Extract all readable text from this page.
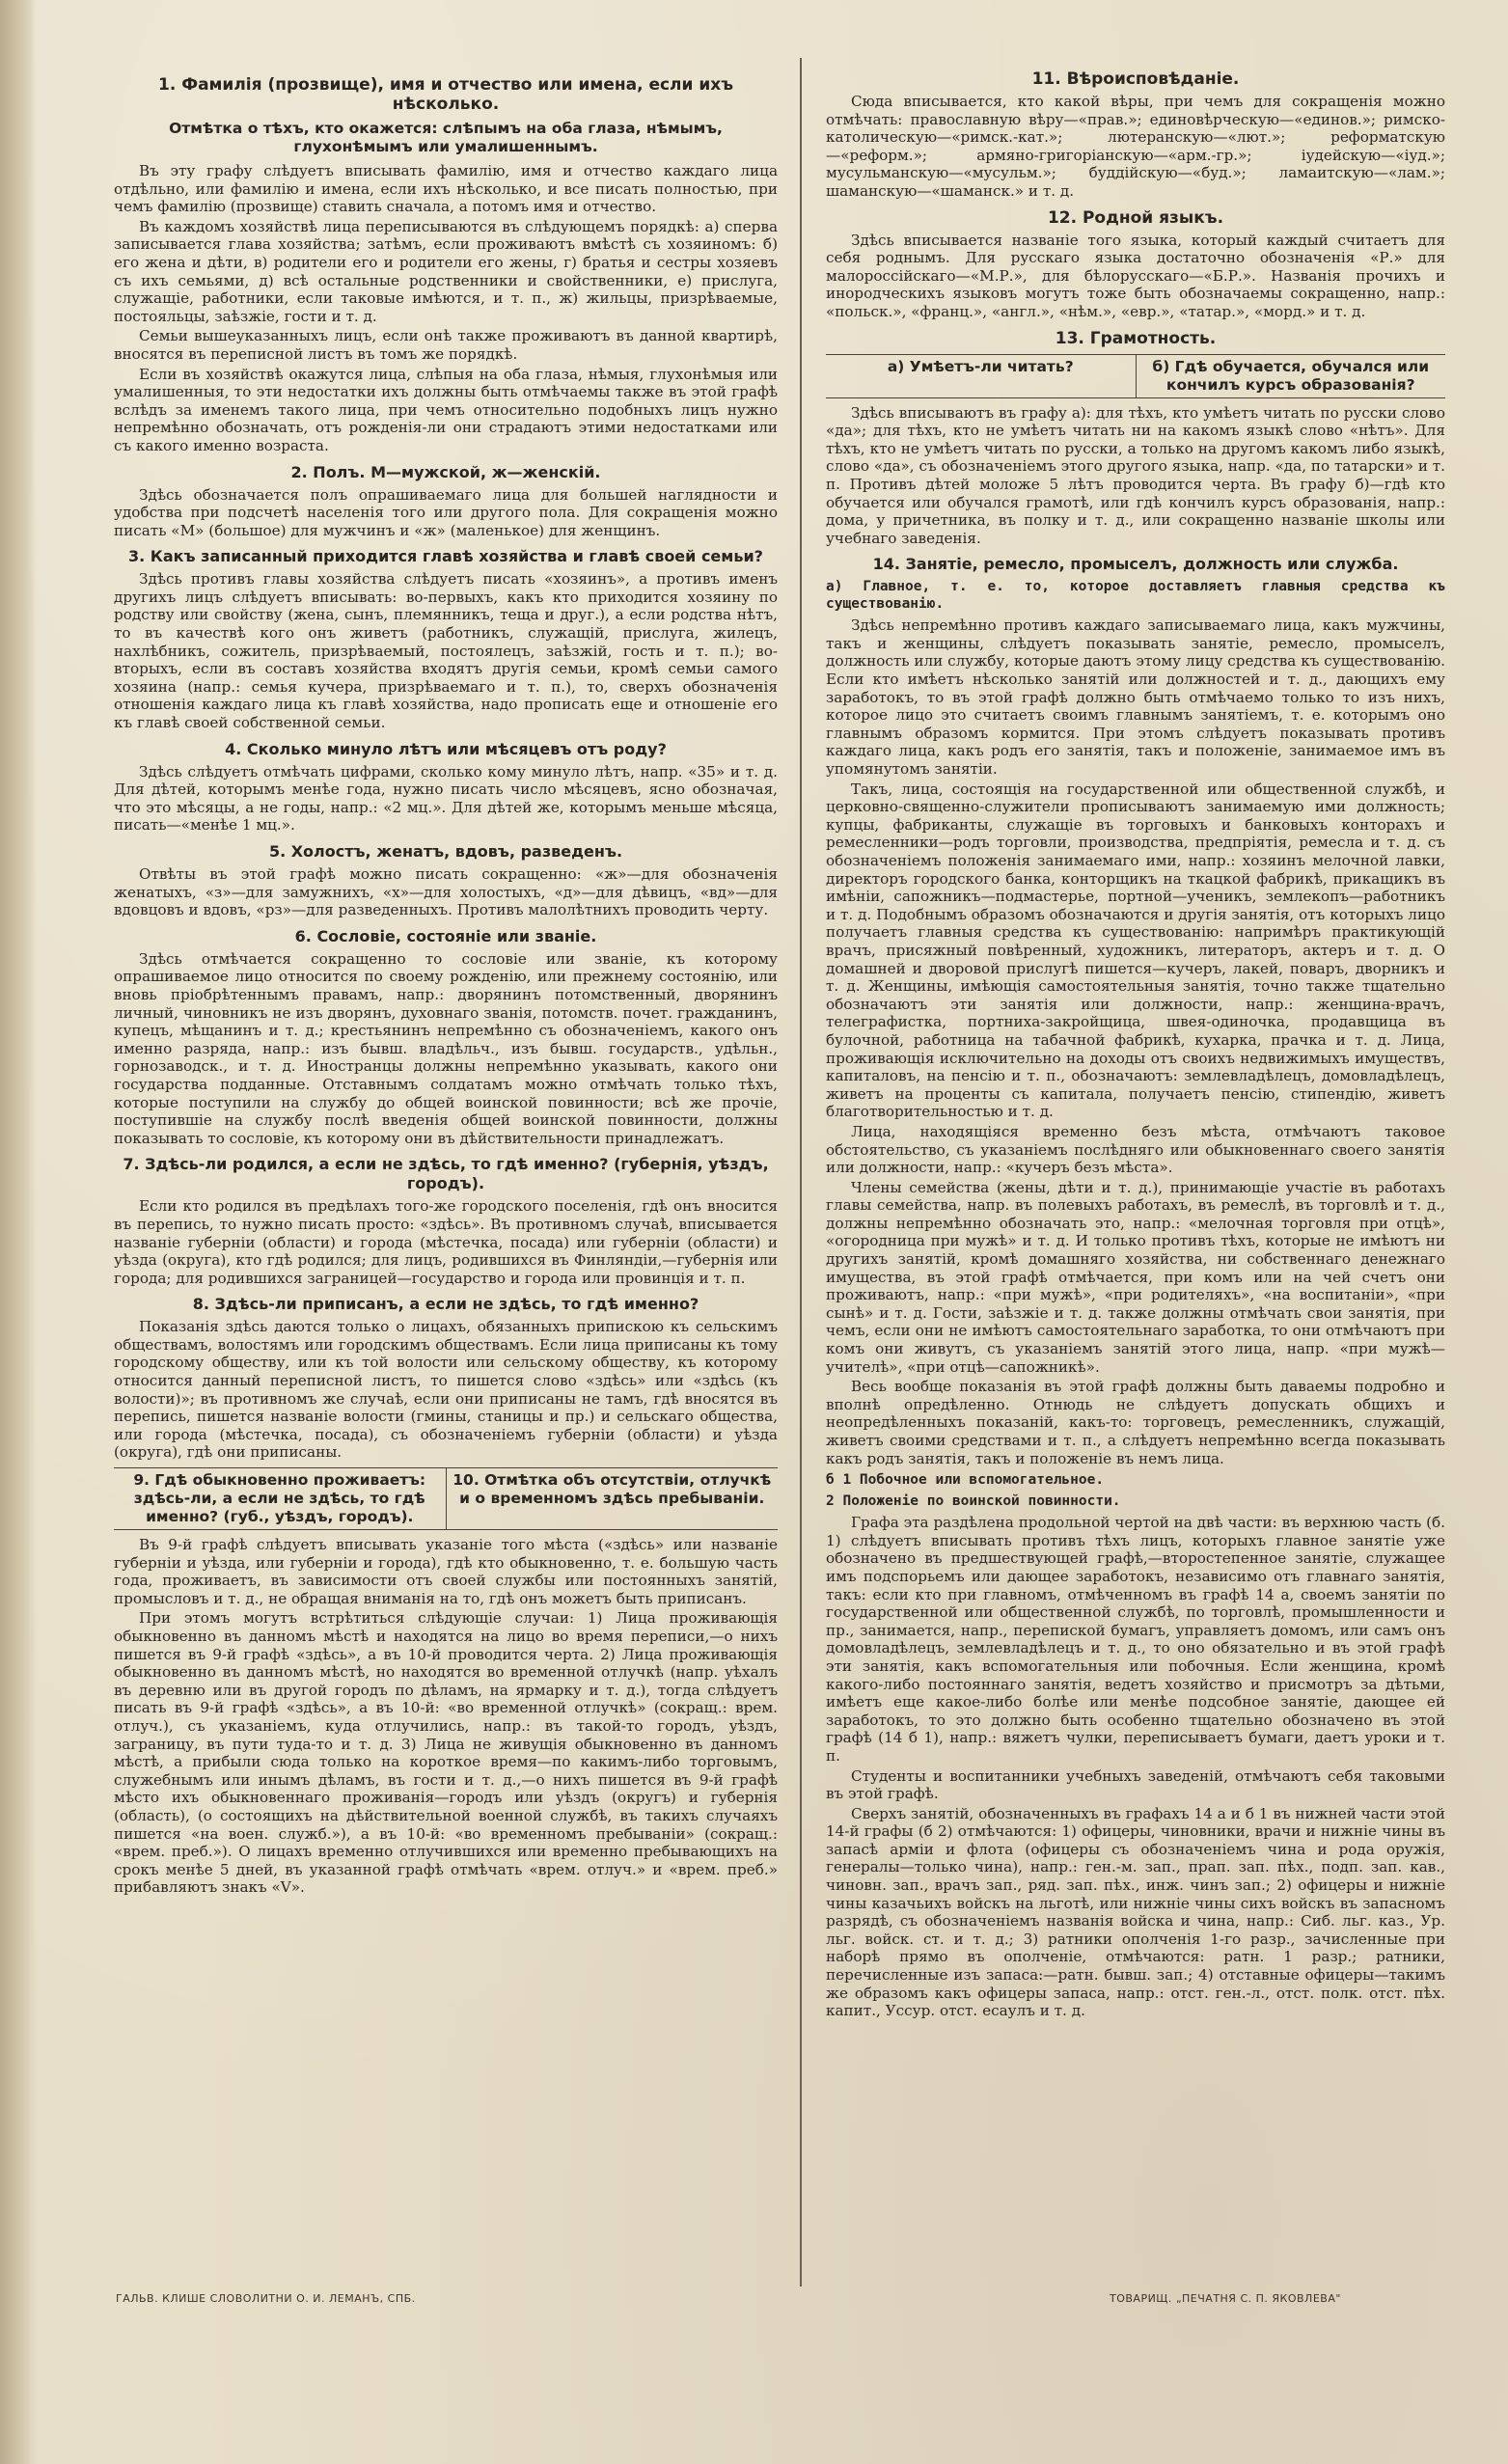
1. Фамилія (прозвище), имя и отчество или имена, если ихъ нѣсколько.
Отмѣтка о тѣхъ, кто окажется: слѣпымъ на оба глаза, нѣмымъ, глухонѣмымъ или умалишеннымъ.

Въ эту графу слѣдуетъ вписывать фамилію, имя и отчество каждаго лица отдѣльно, или фамилію и имена, если ихъ нѣсколько, и все писать полностью, при чемъ фамилію (прозвище) ставить сначала, а потомъ имя и отчество.

Въ каждомъ хозяйствѣ лица переписываются въ слѣдующемъ порядкѣ: а) сперва записывается глава хозяйства; затѣмъ, если проживаютъ вмѣстѣ съ хозяиномъ: б) его жена и дѣти, в) родители его и родители его жены, г) братья и сестры хозяевъ съ ихъ семьями, д) всѣ остальные родственники и свойственники, е) прислуга, служащіе, работники, если таковые имѣются, и т. п., ж) жильцы, призрѣваемые, постояльцы, заѣзжіе, гости и т. д.

Семьи вышеуказанныхъ лицъ, если онѣ также проживаютъ въ данной квартирѣ, вносятся въ переписной листъ въ томъ же порядкѣ.

Если въ хозяйствѣ окажутся лица, слѣпыя на оба глаза, нѣмыя, глухонѣмыя или умалишенныя, то эти недостатки ихъ должны быть отмѣчаемы также въ этой графѣ вслѣдъ за именемъ такого лица, при чемъ относительно подобныхъ лицъ нужно непремѣнно обозначать, отъ рожденія-ли они страдаютъ этими недостатками или съ какого именно возраста.

2. Полъ. М—мужской, ж—женскій.

Здѣсь обозначается полъ опрашиваемаго лица для большей наглядности и удобства при подсчетѣ населенія того или другого пола. Для сокращенія можно писать «М» (большое) для мужчинъ и «ж» (маленькое) для женщинъ.

3. Какъ записанный приходится главѣ хозяйства и главѣ своей семьи?

Здѣсь противъ главы хозяйства слѣдуетъ писать «хозяинъ», а противъ именъ другихъ лицъ слѣдуетъ вписывать: во-первыхъ, какъ кто приходится хозяину по родству или свойству (жена, сынъ, племянникъ, теща и друг.), а если родства нѣтъ, то въ качествѣ кого онъ живетъ (работникъ, служащій, прислуга, жилецъ, нахлѣбникъ, сожитель, призрѣваемый, постоялецъ, заѣзжій, гость и т. п.); во-вторыхъ, если въ составъ хозяйства входятъ другія семьи, кромѣ семьи самого хозяина (напр.: семья кучера, призрѣваемаго и т. п.), то, сверхъ обозначенія отношенія каждаго лица къ главѣ хозяйства, надо прописать еще и отношеніе его къ главѣ своей собственной семьи.

4. Сколько минуло лѣтъ или мѣсяцевъ отъ роду?

Здѣсь слѣдуетъ отмѣчать цифрами, сколько кому минуло лѣтъ, напр. «35» и т. д. Для дѣтей, которымъ менѣе года, нужно писать число мѣсяцевъ, ясно обозначая, что это мѣсяцы, а не годы, напр.: «2 мц.». Для дѣтей же, которымъ меньше мѣсяца, писать—«менѣе 1 мц.».

5. Холостъ, женатъ, вдовъ, разведенъ.

Отвѣты въ этой графѣ можно писать сокращенно: «ж»—для обозначенія женатыхъ, «з»—для замужнихъ, «х»—для холостыхъ, «д»—для дѣвицъ, «вд»—для вдовцовъ и вдовъ, «рз»—для разведенныхъ. Противъ малолѣтнихъ проводить черту.

6. Сословіе, состояніе или званіе.

Здѣсь отмѣчается сокращенно то сословіе или званіе, къ которому опрашиваемое лицо относится по своему рожденію, или прежнему состоянію, или вновь пріобрѣтеннымъ правамъ, напр.: дворянинъ потомственный, дворянинъ личный, чиновникъ не изъ дворянъ, духовнаго званія, потомств. почет. гражданинъ, купецъ, мѣщанинъ и т. д.; крестьянинъ непремѣнно съ обозначеніемъ, какого онъ именно разряда, напр.: изъ бывш. владѣльч., изъ бывш. государств., удѣльн., горнозаводск., и т. д. Иностранцы должны непремѣнно указывать, какого они государства подданные. Отставнымъ солдатамъ можно отмѣчать только тѣхъ, которые поступили на службу до общей воинской повинности; всѣ же прочіе, поступившіе на службу послѣ введенія общей воинской повинности, должны показывать то сословіе, къ которому они въ дѣйствительности принадлежатъ.

7. Здѣсь-ли родился, а если не здѣсь, то гдѣ именно? (губернія, уѣздъ, городъ).

Если кто родился въ предѣлахъ того-же городского поселенія, гдѣ онъ вносится въ перепись, то нужно писать просто: «здѣсь». Въ противномъ случаѣ, вписывается названіе губерніи (области) и города (мѣстечка, посада) или губерніи (области) и уѣзда (округа), кто гдѣ родился; для лицъ, родившихся въ Финляндіи,—губернія или города; для родившихся заграницей—государство и города или провинція и т. п.

8. Здѣсь-ли приписанъ, а если не здѣсь, то гдѣ именно?

Показанія здѣсь даются только о лицахъ, обязанныхъ припискою къ сельскимъ обществамъ, волостямъ или городскимъ обществамъ. Если лица приписаны къ тому городскому обществу, или къ той волости или сельскому обществу, къ которому относится данный переписной листъ, то пишется слово «здѣсь» или «здѣсь (къ волости)»; въ противномъ же случаѣ, если они приписаны не тамъ, гдѣ вносятся въ перепись, пишется названіе волости (гмины, станицы и пр.) и сельскаго общества, или города (мѣстечка, посада), съ обозначеніемъ губерніи (области) и уѣзда (округа), гдѣ они приписаны.

9. Гдѣ обыкновенно проживаетъ: здѣсь-ли, а если не здѣсь, то гдѣ именно? (губ., уѣздъ, городъ).
10. Отмѣтка объ отсутствіи, отлучкѣ и о временномъ здѣсь пребываніи.

Въ 9-й графѣ слѣдуетъ вписывать указаніе того мѣста («здѣсь» или названіе губерніи и уѣзда, или губерніи и города), гдѣ кто обыкновенно, т. е. большую часть года, проживаетъ, въ зависимости отъ своей службы или постоянныхъ занятій, промысловъ и т. д., не обращая вниманія на то, гдѣ онъ можетъ быть приписанъ.

При этомъ могутъ встрѣтиться слѣдующіе случаи: 1) Лица проживающія обыкновенно въ данномъ мѣстѣ и находятся на лицо во время переписи,—о нихъ пишется въ 9-й графѣ «здѣсь», а въ 10-й проводится черта. 2) Лица проживающія обыкновенно въ данномъ мѣстѣ, но находятся во временной отлучкѣ (напр. уѣхалъ въ деревню или въ другой городъ по дѣламъ, на ярмарку и т. д.), тогда слѣдуетъ писать въ 9-й графѣ «здѣсь», а въ 10-й: «во временной отлучкѣ» (сокращ.: врем. отлуч.), съ указаніемъ, куда отлучились, напр.: въ такой-то городъ, уѣздъ, заграницу, въ пути туда-то и т. д. 3) Лица не живущія обыкновенно въ данномъ мѣстѣ, а прибыли сюда только на короткое время—по какимъ-либо торговымъ, служебнымъ или инымъ дѣламъ, въ гости и т. д.,—о нихъ пишется въ 9-й графѣ мѣсто ихъ обыкновеннаго проживанія—городъ или уѣздъ (округъ) и губернія (область), (о состоящихъ на дѣйствительной военной службѣ, въ такихъ случаяхъ пишется «на воен. служб.»), а въ 10-й: «во временномъ пребываніи» (сокращ.: «врем. преб.»). О лицахъ временно отлучившихся или временно пребывающихъ на срокъ менѣе 5 дней, въ указанной графѣ отмѣчать «врем. отлуч.» и «врем. преб.» прибавляютъ знакъ «V».

11. Вѣроисповѣданіе.

Сюда вписывается, кто какой вѣры, при чемъ для сокращенія можно отмѣчать: православную вѣру—«прав.»; единовѣрческую—«единов.»; римско-католическую—«римск.-кат.»; лютеранскую—«лют.»; реформатскую—«реформ.»; армяно-григоріанскую—«арм.-гр.»; іудейскую—«іуд.»; мусульманскую—«мусульм.»; буддійскую—«буд.»; ламаитскую—«лам.»; шаманскую—«шаманск.» и т. д.

12. Родной языкъ.

Здѣсь вписывается названіе того языка, который каждый считаетъ для себя роднымъ. Для русскаго языка достаточно обозначенія «Р.» для малороссійскаго—«М.Р.», для бѣлорусскаго—«Б.Р.». Названія прочихъ и инородческихъ языковъ могутъ тоже быть обозначаемы сокращенно, напр.: «польск.», «франц.», «англ.», «нѣм.», «евр.», «татар.», «морд.» и т. д.

13. Грамотность.
а) Умѣетъ-ли читать?	б) Гдѣ обучается, обучался или кончилъ курсъ образованія?

Здѣсь вписываютъ въ графу а): для тѣхъ, кто умѣетъ читать по русски слово «да»; для тѣхъ, кто не умѣетъ читать ни на какомъ языкѣ слово «нѣтъ». Для тѣхъ, кто не умѣетъ читать по русски, а только на другомъ какомъ либо языкѣ, слово «да», съ обозначеніемъ этого другого языка, напр. «да, по татарски» и т. п. Противъ дѣтей моложе 5 лѣтъ проводится черта. Въ графу б)—гдѣ кто обучается или обучался грамотѣ, или гдѣ кончилъ курсъ образованія, напр.: дома, у причетника, въ полку и т. д., или сокращенно названіе школы или учебнаго заведенія.

14. Занятіе, ремесло, промыселъ, должность или служба.
а) Главное, т. е. то, которое доставляетъ главныя средства къ существованію.

Здѣсь непремѣнно противъ каждаго записываемаго лица, какъ мужчины, такъ и женщины, слѣдуетъ показывать занятіе, ремесло, промыселъ, должность или службу, которые даютъ этому лицу средства къ существованію. Если кто имѣетъ нѣсколько занятій или должностей и т. д., дающихъ ему заработокъ, то въ этой графѣ должно быть отмѣчаемо только то изъ нихъ, которое лицо это считаетъ своимъ главнымъ занятіемъ, т. е. которымъ оно главнымъ образомъ кормится. При этомъ слѣдуетъ показывать противъ каждаго лица, какъ родъ его занятія, такъ и положеніе, занимаемое имъ въ упомянутомъ занятіи.

Такъ, лица, состоящія на государственной или общественной службѣ, и церковно-священно-служители прописываютъ занимаемую ими должность; купцы, фабриканты, служащіе въ торговыхъ и банковыхъ конторахъ и ремесленники—родъ торговли, производства, предпріятія, ремесла и т. д. съ обозначеніемъ положенія занимаемаго ими, напр.: хозяинъ мелочной лавки, директоръ городского банка, конторщикъ на ткацкой фабрикѣ, прикащикъ въ имѣніи, сапожникъ—подмастерье, портной—ученикъ, землекопъ—работникъ и т. д. Подобнымъ образомъ обозначаются и другія занятія, отъ которыхъ лицо получаетъ главныя средства къ существованію: напримѣръ практикующій врачъ, присяжный повѣренный, художникъ, литераторъ, актеръ и т. д. О домашней и дворовой прислугѣ пишется—кучеръ, лакей, поваръ, дворникъ и т. д. Женщины, имѣющія самостоятельныя занятія, точно также тщательно обозначаютъ эти занятія или должности, напр.: женщина-врачъ, телеграфистка, портниха-закройщица, швея-одиночка, продавщица въ булочной, работница на табачной фабрикѣ, кухарка, прачка и т. д. Лица, проживающія исключительно на доходы отъ своихъ недвижимыхъ имуществъ, капиталовъ, на пенсію и т. п., обозначаютъ: землевладѣлецъ, домовладѣлецъ, живетъ на проценты съ капитала, получаетъ пенсію, стипендію, живетъ благотворительностью и т. д.

Лица, находящіяся временно безъ мѣста, отмѣчаютъ таковое обстоятельство, съ указаніемъ послѣдняго или обыкновеннаго своего занятія или должности, напр.: «кучеръ безъ мѣста».

Члены семейства (жены, дѣти и т. д.), принимающіе участіе въ работахъ главы семейства, напр. въ полевыхъ работахъ, въ ремеслѣ, въ торговлѣ и т. д., должны непремѣнно обозначать это, напр.: «мелочная торговля при отцѣ», «огородница при мужѣ» и т. д. И только противъ тѣхъ, которые не имѣютъ ни другихъ занятій, кромѣ домашняго хозяйства, ни собственнаго денежнаго имущества, въ этой графѣ отмѣчается, при комъ или на чей счетъ они проживаютъ, напр.: «при мужѣ», «при родителяхъ», «на воспитаніи», «при сынѣ» и т. д. Гости, заѣзжіе и т. д. также должны отмѣчать свои занятія, при чемъ, если они не имѣютъ самостоятельнаго заработка, то они отмѣчаютъ при комъ они живутъ, съ указаніемъ занятій этого лица, напр. «при мужѣ—учителѣ», «при отцѣ—сапожникѣ».

Весь вообще показанія въ этой графѣ должны быть даваемы подробно и вполнѣ опредѣленно. Отнюдь не слѣдуетъ допускать общихъ и неопредѣленныхъ показаній, какъ-то: торговецъ, ремесленникъ, служащій, живетъ своими средствами и т. п., а слѣдуетъ непремѣнно всегда показывать какъ родъ занятія, такъ и положеніе въ немъ лица.

б 1 Побочное или вспомогательное.
2 Положеніе по воинской повинности.

Графа эта раздѣлена продольной чертой на двѣ части: въ верхнюю часть (б. 1) слѣдуетъ вписывать противъ тѣхъ лицъ, которыхъ главное занятіе уже обозначено въ предшествующей графѣ,—второстепенное занятіе, служащее имъ подспорьемъ или дающее заработокъ, независимо отъ главнаго занятія, такъ: если кто при главномъ, отмѣченномъ въ графѣ 14 а, своемъ занятіи по государственной или общественной службѣ, по торговлѣ, промышленности и пр., занимается, напр., перепиской бумагъ, управляетъ домомъ, или самъ онъ домовладѣлецъ, землевладѣлецъ и т. д., то оно обязательно и въ этой графѣ эти занятія, какъ вспомогательныя или побочныя. Если женщина, кромѣ какого-либо постояннаго занятія, ведетъ хозяйство и присмотръ за дѣтьми, имѣетъ еще какое-либо болѣе или менѣе подсобное занятіе, дающее ей заработокъ, то это должно быть особенно тщательно обозначено въ этой графѣ (14 б 1), напр.: вяжетъ чулки, переписываетъ бумаги, даетъ уроки и т. п.

Студенты и воспитанники учебныхъ заведеній, отмѣчаютъ себя таковыми въ этой графѣ.

Сверхъ занятій, обозначенныхъ въ графахъ 14 а и б 1 въ нижней части этой 14-й графы (б 2) отмѣчаются: 1) офицеры, чиновники, врачи и нижніе чины въ запасѣ арміи и флота (офицеры съ обозначеніемъ чина и рода оружія, генералы—только чина), напр.: ген.-м. зап., прап. зап. пѣх., подп. зап. кав., чиновн. зап., врачъ зап., ряд. зап. пѣх., инж. чинъ зап.; 2) офицеры и нижніе чины казачьихъ войскъ на льготѣ, или нижніе чины сихъ войскъ въ запасномъ разрядѣ, съ обозначеніемъ названія войска и чина, напр.: Сиб. льг. каз., Ур. льг. войск. ст. и т. д.; 3) ратники ополченія 1-го разр., зачисленные при наборѣ прямо въ ополченіе, отмѣчаются: ратн. 1 разр.; ратники, перечисленные изъ запаса:—ратн. бывш. зап.; 4) отставные офицеры—такимъ же образомъ какъ офицеры запаса, напр.: отст. ген.-л., отст. полк. отст. пѣх. капит., Уссур. отст. есаулъ и т. д.

ГАЛЬВ. КЛИШЕ СЛОВОЛИТНИ О. И. ЛЕМАНЪ, СПБ.	ТОВАРИЩ. „ПЕЧАТНЯ С. П. ЯКОВЛЕВА"
